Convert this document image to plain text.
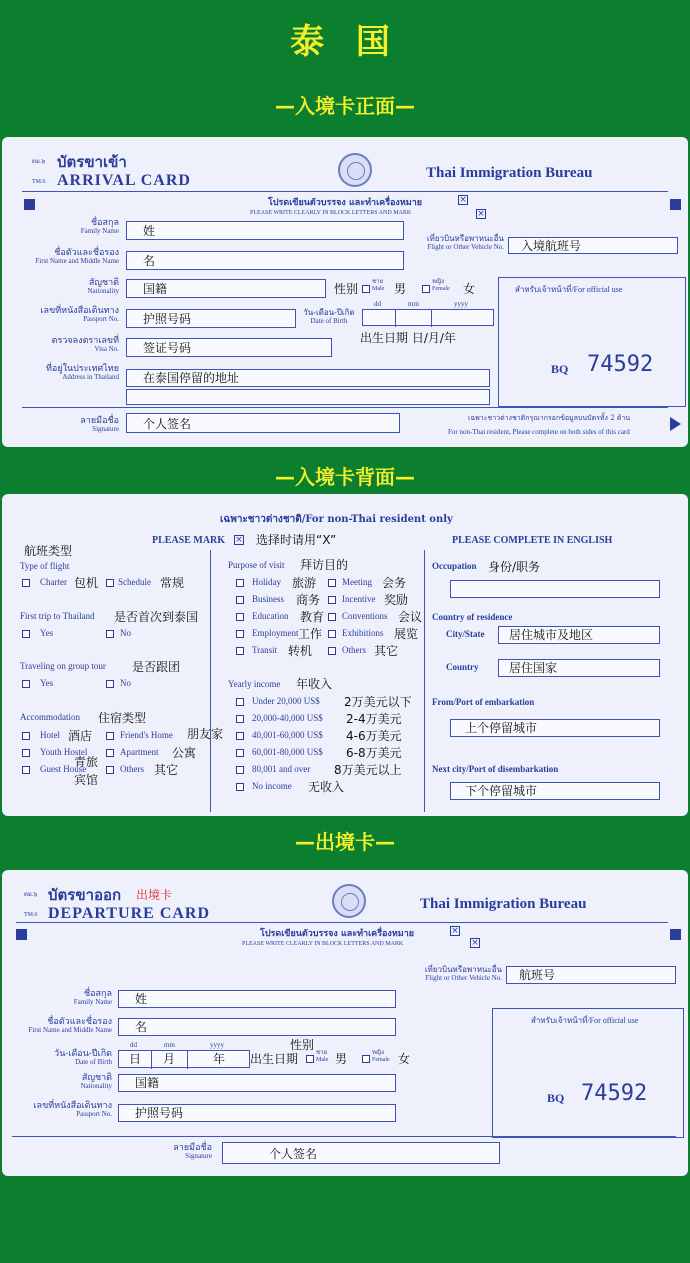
泰 国
—入境卡正面—
—入境卡背面—
—出境卡—
ตม.๖
TM.6
บัตรขาเข้า
ARRIVAL CARD	Thai Immigration Bureau
โปรดเขียนตัวบรรจง และทำเครื่องหมาย	×
PLEASE WRITE CLEARLY IN BLOCK LETTERS AND MARK	×
ชื่อสกุล
Family Name 姓
ชื่อตัวและชื่อรอง
First Name and Middle Name 名
สัญชาติ
Nationality 国籍	性别 ชาย
Male 男	หญิง
Female 女
เลขที่หนังสือเดินทาง
Passport No. 护照号码	วัน-เดือน-ปีเกิด
Date of Birth
dd	mm	yyyy
出生日期 日/月/年
ตรวจลงตราเลขที่
Visa No. 签证号码
ที่อยู่ในประเทศไทย
Address in Thailand 在泰国停留的地址
เที่ยวบินหรือพาหนะอื่น
Flight or Other Vehicle No. 入境航班号
สำหรับเจ้าหน้าที่/For official use
BQ 74592
ลายมือชื่อ
Signature 个人签名	เฉพาะชาวต่างชาติกรุณากรอกข้อมูลบนบัตรทั้ง 2 ด้าน
For non-Thai resident, Please complete on both sides of this card
เฉพาะชาวต่างชาติ/For non-Thai resident only
PLEASE MARK × 选择时请用“X”	PLEASE COMPLETE IN ENGLISH
航班类型
Type of flight
Charter 包机 Schedule 常规
First trip to Thailand 是否首次到泰国
Yes	No
Traveling on group tour 是否跟团
Yes	No
Accommodation 住宿类型
Hotel 酒店	Friend's Home 朋友家
Youth Hostel
青旅
Apartment 公寓
Guest House
宾馆
Others 其它
Purpose of visit 拜访目的
Holiday 旅游	Meeting 会务
Business 商务 Incentive 奖励
Education 教育 Conventions 会议
Employment 工作 Exhibitions 展览
Transit 转机	Others 其它
Yearly income 年收入
Under 20,000 US$ 2万美元以下
20,000-40,000 US$ 2-4万美元
40,001-60,000 US$ 4-6万美元
60,001-80,000 US$ 6-8万美元
80,001 and over 8万美元以上
No income 无收入
Occupation 身份/职务
Country of residence
City/State 居住城市及地区
Country	居住国家
From/Port of embarkation
上个停留城市
Next city/Port of disembarkation
下个停留城市
ตม.๖
TM.6
บัตรขาออก 出境卡
DEPARTURE CARD
Thai Immigration Bureau
โปรดเขียนตัวบรรจง และทำเครื่องหมาย	×
PLEASE WRITE CLEARLY IN BLOCK LETTERS AND MARK	×
เที่ยวบินหรือพาหนะอื่น
Flight or Other Vehicle No. 航班号
ชื่อสกุล
Family Name 姓
ชื่อตัวและชื่อรอง
First Name and Middle Name 名
dd	mm	yyyy	性别
วัน-เดือน-ปีเกิด
Date of Birth 日 月	年 出生日期	ชาย
Male 男	หญิง
Female 女
สัญชาติ
Nationality 国籍
เลขที่หนังสือเดินทาง
Passport No. 护照号码
สำหรับเจ้าหน้าที่/For official use
BQ 74592
ลายมือชื่อ
Signature	个人签名
